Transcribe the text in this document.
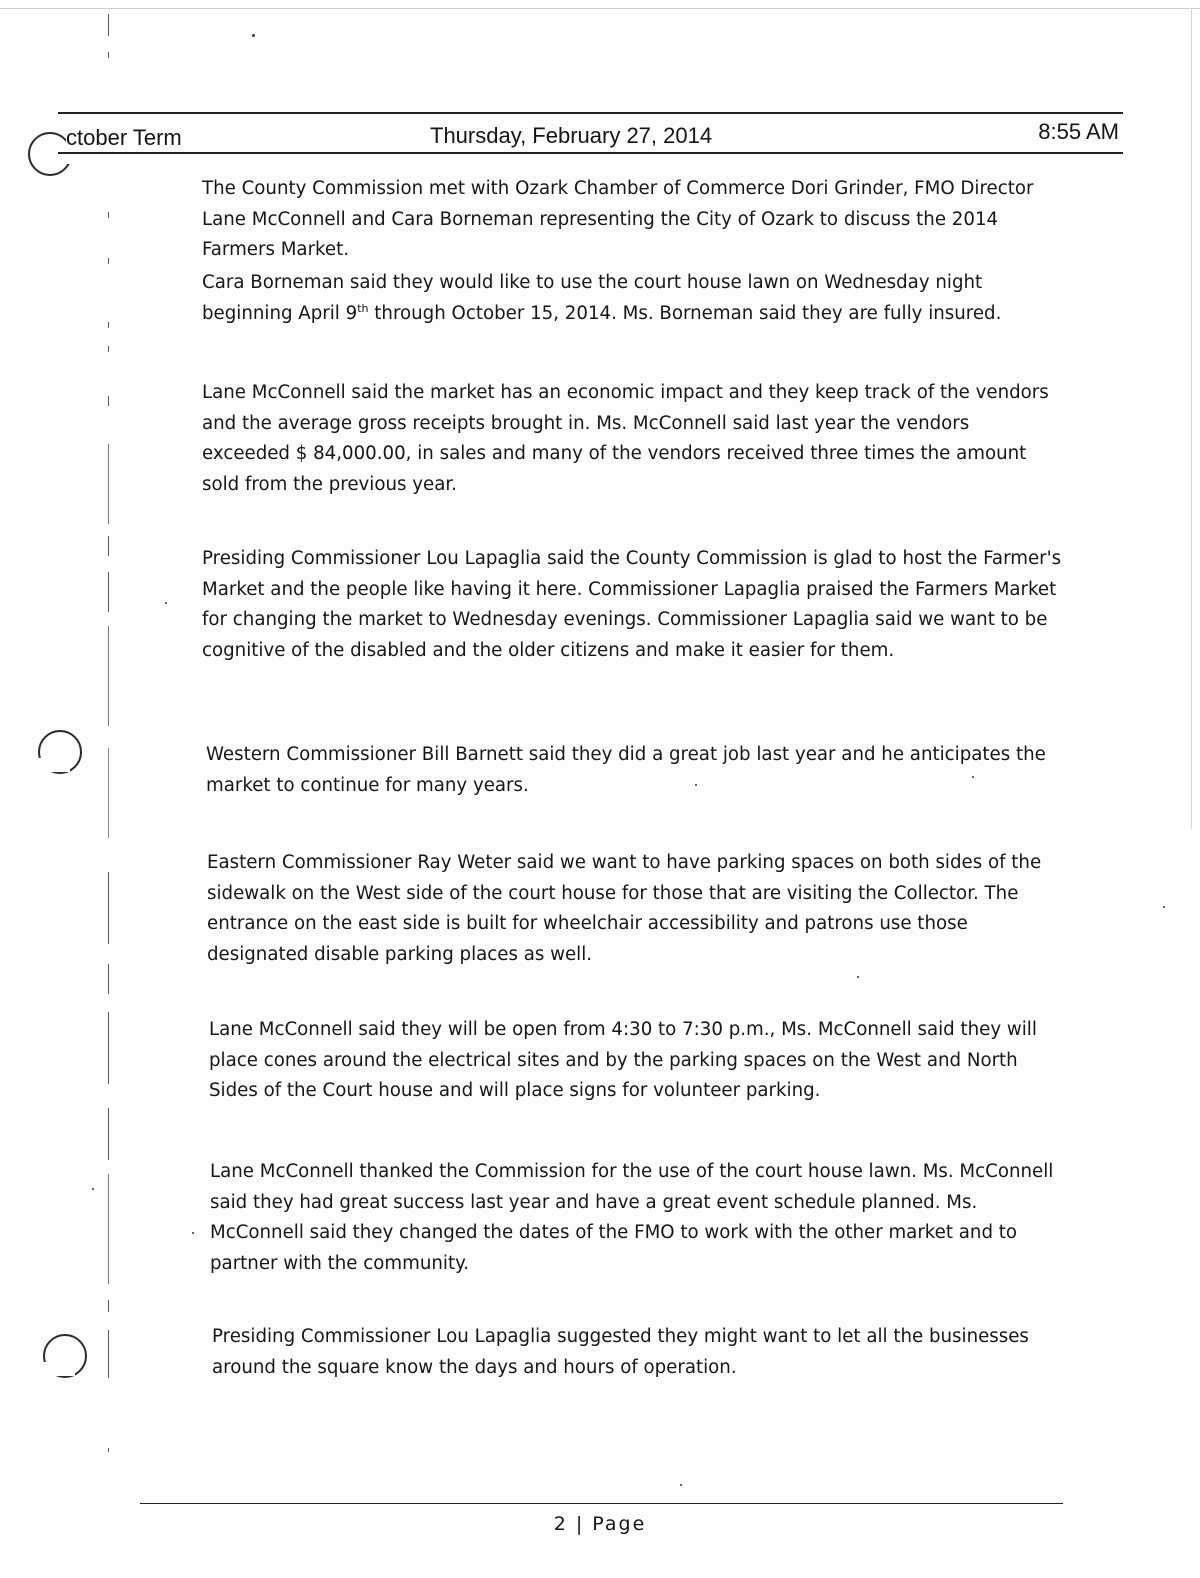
ctober Term	Thursday, February 27, 2014	8:55 AM

The County Commission met with Ozark Chamber of Commerce Dori Grinder, FMO Director Lane McConnell and Cara Borneman representing the City of Ozark to discuss the 2014 Farmers Market.

Cara Borneman said they would like to use the court house lawn on Wednesday night beginning April 9th through October 15, 2014. Ms. Borneman said they are fully insured.

Lane McConnell said the market has an economic impact and they keep track of the vendors and the average gross receipts brought in. Ms. McConnell said last year the vendors exceeded $ 84,000.00, in sales and many of the vendors received three times the amount sold from the previous year.

Presiding Commissioner Lou Lapaglia said the County Commission is glad to host the Farmer's Market and the people like having it here. Commissioner Lapaglia praised the Farmers Market for changing the market to Wednesday evenings. Commissioner Lapaglia said we want to be cognitive of the disabled and the older citizens and make it easier for them.

Western Commissioner Bill Barnett said they did a great job last year and he anticipates the market to continue for many years.

Eastern Commissioner Ray Weter said we want to have parking spaces on both sides of the sidewalk on the West side of the court house for those that are visiting the Collector. The entrance on the east side is built for wheelchair accessibility and patrons use those designated disable parking places as well.

Lane McConnell said they will be open from 4:30 to 7:30 p.m., Ms. McConnell said they will place cones around the electrical sites and by the parking spaces on the West and North Sides of the Court house and will place signs for volunteer parking.

Lane McConnell thanked the Commission for the use of the court house lawn. Ms. McConnell said they had great success last year and have a great event schedule planned. Ms. McConnell said they changed the dates of the FMO to work with the other market and to partner with the community.

Presiding Commissioner Lou Lapaglia suggested they might want to let all the businesses around the square know the days and hours of operation.

2 | Page
